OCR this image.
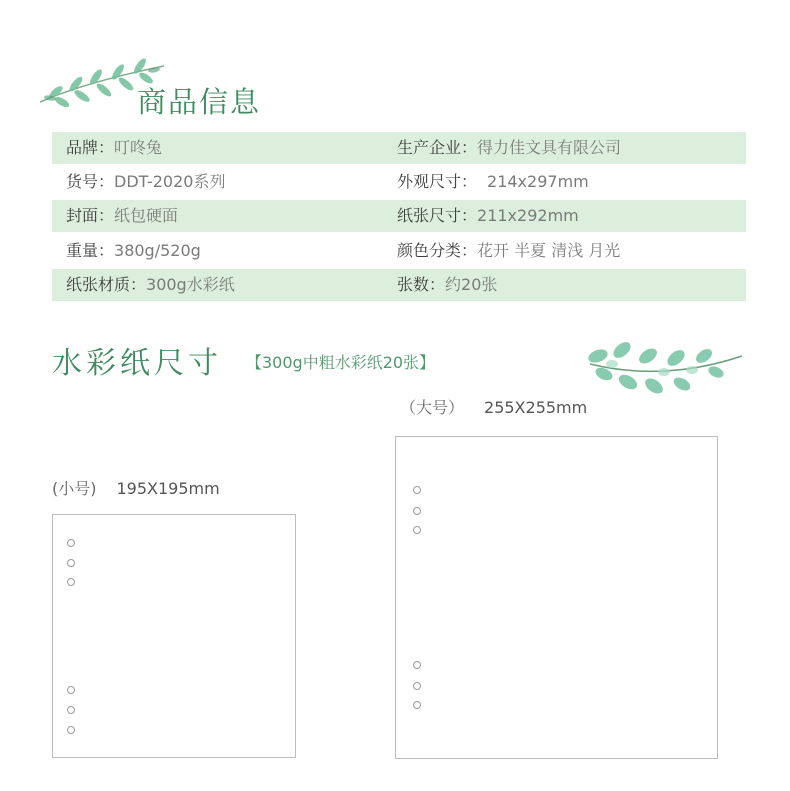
商品信息
品牌：叮咚兔	生产企业：得力佳文具有限公司
货号：DDT-2020系列	外观尺寸： 214x297mm
封面：纸包硬面	纸张尺寸：211x292mm
重量：380g/520g	颜色分类：花开 半夏 清浅 月光
纸张材质：300g水彩纸	张数：约20张
水彩纸尺寸 【300g中粗水彩纸20张】
(小号) 195X195mm
（大号） 255X255mm
